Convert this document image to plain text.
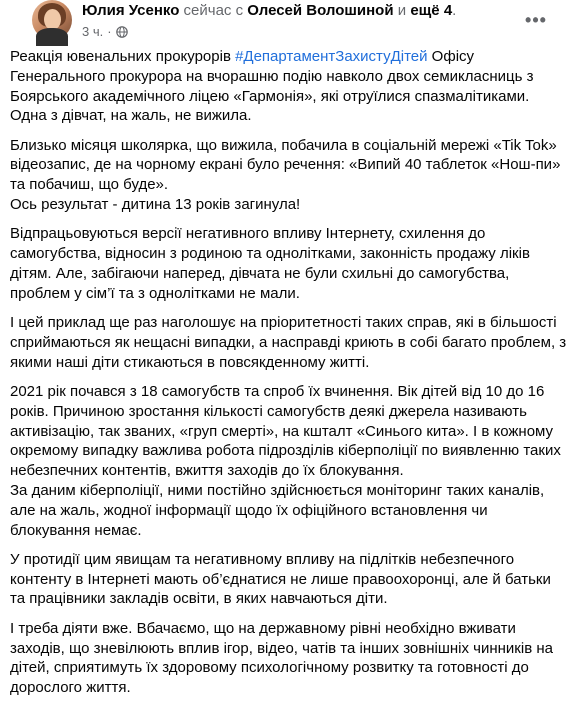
Юлия Усенко сейчас с Олесей Волошиной и ещё 4.
3 ч. ·
•••

Реакція ювенальних прокурорів #ДепартаментЗахистуДітей Офісу Генерального прокурора на вчорашню подію навколо двох семикласниць з Боярського академічного ліцею «Гармонія», які отруїлися спазмалітиками. Одна з дівчат, на жаль, не вижила.

Близько місяця школярка, що вижила, побачила в соціальній мережі «Tik Tok» відеозапис, де на чорному екрані було речення: «Випий 40 таблеток «Нош-пи» та побачиш, що буде».
Ось результат - дитина 13 років загинула!

Відпрацьовуються версії негативного впливу Інтернету, схилення до самогубства, відносин з родиною та однолітками, законність продажу ліків дітям. Але, забігаючи наперед, дівчата не були схильні до самогубства, проблем у сім’ї та з однолітками не мали.

І цей приклад ще раз наголошує на пріоритетності таких справ, які в більшості сприймаються як нещасні випадки, а насправді криють в собі багато проблем, з якими наші діти стикаються в повсякденному житті.

2021 рік почався з 18 самогубств та спроб їх вчинення. Вік дітей від 10 до 16 років. Причиною зростання кількості самогубств деякі джерела називають активізацію, так званих, «груп смерті», на кшталт «Синього кита». І в кожному окремому випадку важлива робота підрозділів кіберполіції по виявленню таких небезпечних контентів, вжиття заходів до їх блокування.
За даним кіберполіції, ними постійно здійснюється моніторинг таких каналів, але на жаль, жодної інформації щодо їх офіційного встановлення чи блокування немає.

У протидії цим явищам та негативному впливу на підлітків небезпечного контенту в Інтернеті мають об’єднатися не лише правоохоронці, але й батьки та працівники закладів освіти, в яких навчаються діти.

І треба діяти вже. Вбачаємо, що на державному рівні необхідно вживати заходів, що зневілюють вплив ігор, відео, чатів та інших зовнішніх чинників на дітей, сприятимуть їх здоровому психологічному розвитку та готовності до дорослого життя.
